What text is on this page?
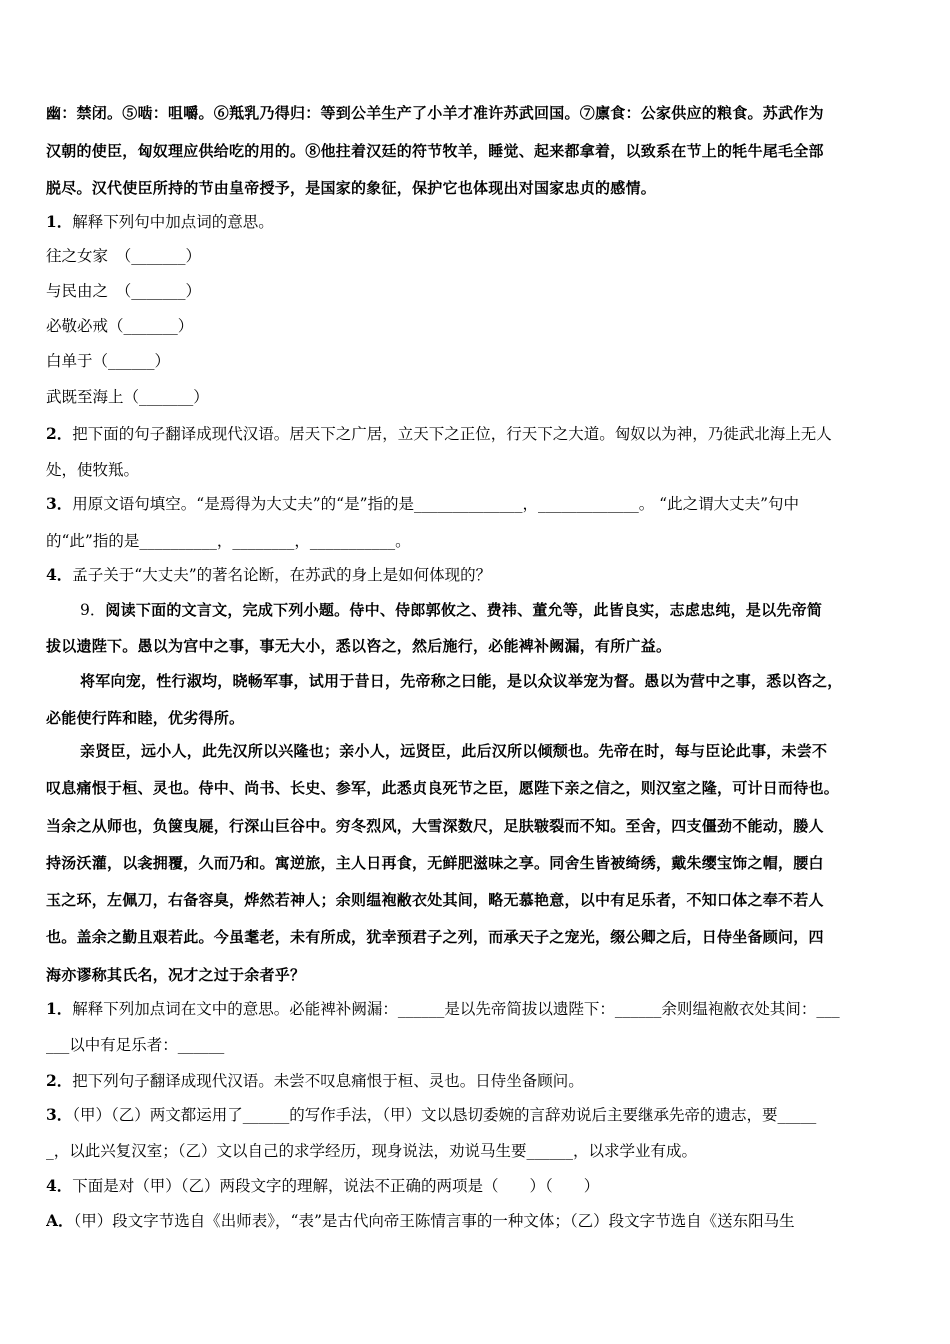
幽：禁闭。⑤啮：咀嚼。⑥羝乳乃得归：等到公羊生产了小羊才准许苏武回国。⑦廪食：公家供应的粮食。苏武作为
汉朝的使臣，匈奴理应供给吃的用的。⑧他拄着汉廷的符节牧羊，睡觉、起来都拿着，以致系在节上的牦牛尾毛全部
脱尽。汉代使臣所持的节由皇帝授予，是国家的象征，保护它也体现出对国家忠贞的感情。
1．解释下列句中加点词的意思。
往之女家　（_______）
与民由之　（_______）
必敬必戒（_______）
白单于（______）
武既至海上（_______）
2．把下面的句子翻译成现代汉语。居天下之广居，立天下之正位，行天下之大道。匈奴以为神，乃徙武北海上无人
处，使牧羝。
3．用原文语句填空。“是焉得为大丈夫”的“是”指的是______________，_____________。 “此之谓大丈夫”句中
的“此”指的是__________，________，___________。
4．孟子关于“大丈夫”的著名论断，在苏武的身上是如何体现的？
9．阅读下面的文言文，完成下列小题。侍中、侍郎郭攸之、费祎、董允等，此皆良实，志虑忠纯，是以先帝简
拔以遗陛下。愚以为宫中之事，事无大小，悉以咨之，然后施行，必能裨补阙漏，有所广益。
将军向宠，性行淑均，晓畅军事，试用于昔日，先帝称之曰能，是以众议举宠为督。愚以为营中之事，悉以咨之，
必能使行阵和睦，优劣得所。
亲贤臣，远小人，此先汉所以兴隆也；亲小人，远贤臣，此后汉所以倾颓也。先帝在时，每与臣论此事，未尝不
叹息痛恨于桓、灵也。侍中、尚书、长史、参军，此悉贞良死节之臣，愿陛下亲之信之，则汉室之隆，可计日而待也。
当余之从师也，负箧曳屣，行深山巨谷中。穷冬烈风，大雪深数尺，足肤皲裂而不知。至舍，四支僵劲不能动，媵人
持汤沃灌，以衾拥覆，久而乃和。寓逆旅，主人日再食，无鲜肥滋味之享。同舍生皆被绮绣，戴朱缨宝饰之帽，腰白
玉之环，左佩刀，右备容臭，烨然若神人；余则缊袍敝衣处其间，略无慕艳意，以中有足乐者，不知口体之奉不若人
也。盖余之勤且艰若此。今虽耄老，未有所成，犹幸预君子之列，而承天子之宠光，缀公卿之后，日侍坐备顾问，四
海亦谬称其氏名，况才之过于余者乎？
1．解释下列加点词在文中的意思。必能裨补阙漏：______是以先帝简拔以遗陛下：______余则缊袍敝衣处其间：___
___以中有足乐者：______
2．把下列句子翻译成现代汉语。未尝不叹息痛恨于桓、灵也。日侍坐备顾问。
3．（甲）（乙）两文都运用了______的写作手法，（甲）文以恳切委婉的言辞劝说后主要继承先帝的遗志，要_____
_，以此兴复汉室；（乙）文以自己的求学经历，现身说法，劝说马生要______，以求学业有成。
4．下面是对（甲）（乙）两段文字的理解，说法不正确的两项是（　　）（　　）
A．（甲）段文字节选自《出师表》，“表”是古代向帝王陈情言事的一种文体；（乙）段文字节选自《送东阳马生
